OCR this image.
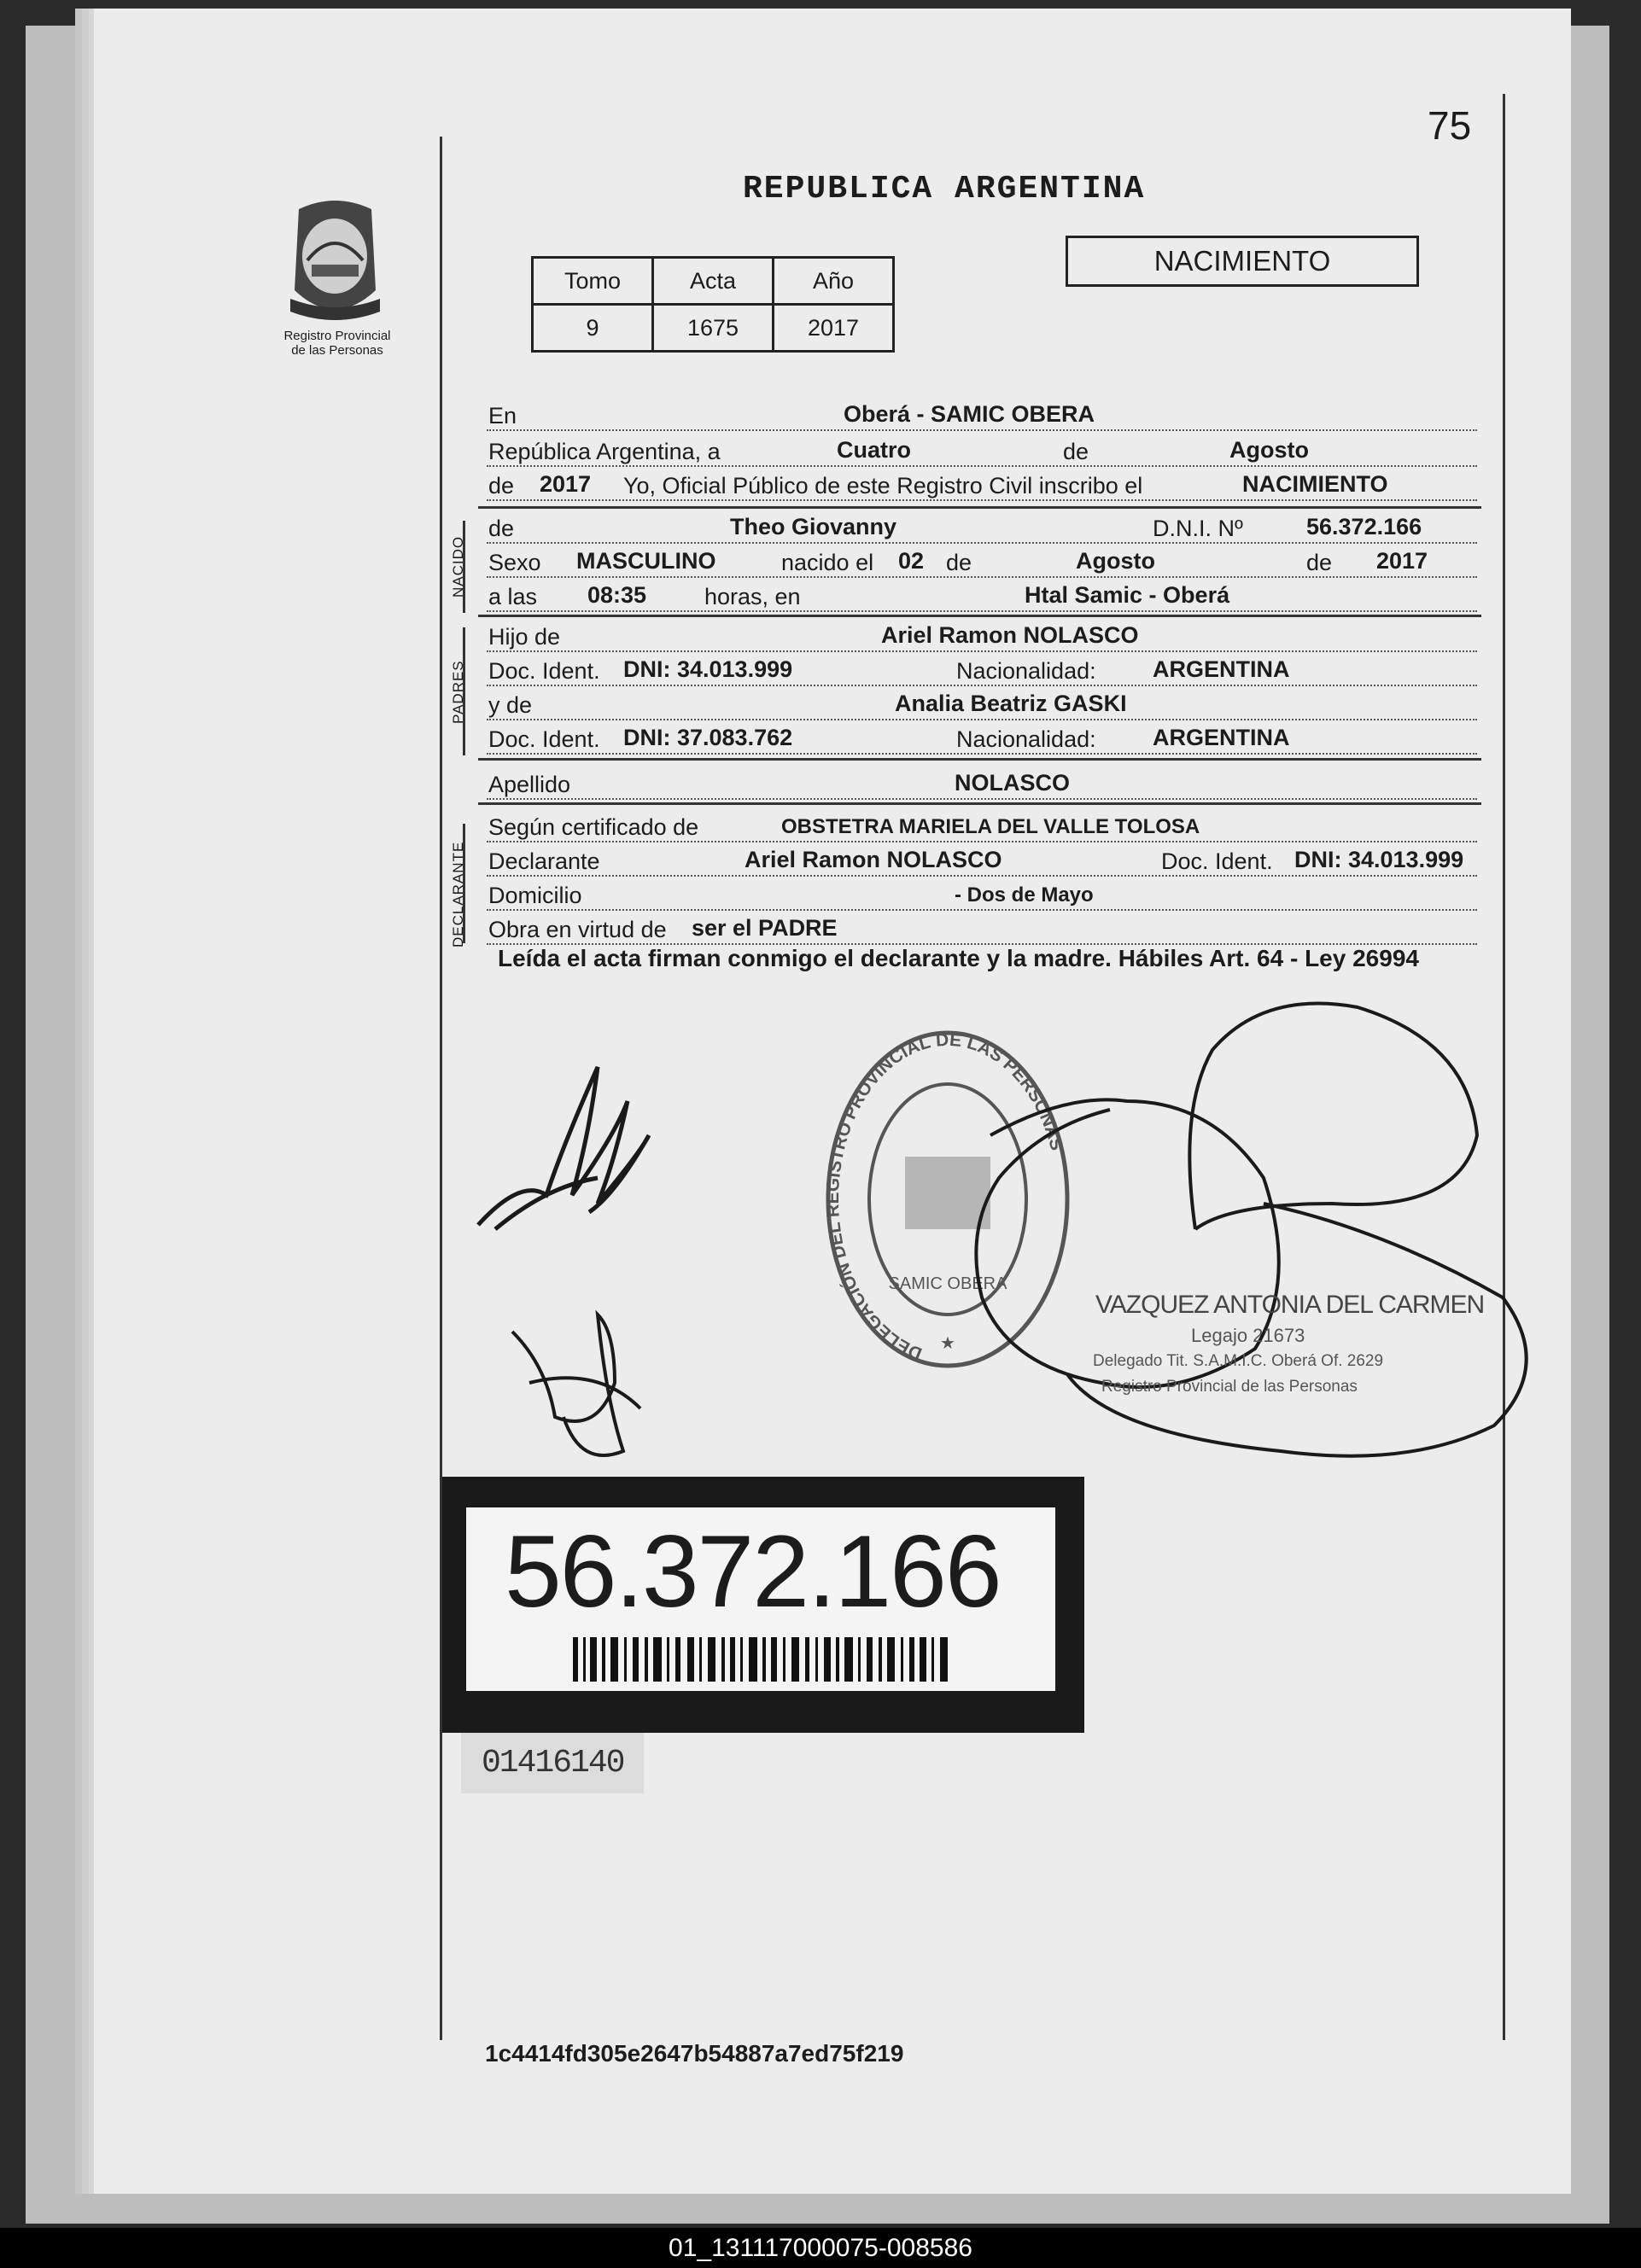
75
REPUBLICA ARGENTINA
Registro Provincial
de las Personas
Tomo	Acta	Año
9	1675	2017
NACIMIENTO
En	Oberá - SAMIC OBERA
República Argentina, a	Cuatro	de	Agosto
de 2017 Yo, Oficial Público de este Registro Civil inscribo el	NACIMIENTO
de	Theo Giovanny	D.N.I. Nº	56.372.166
Sexo MASCULINO	nacido el 02 de	Agosto	de 2017
a las 08:35	horas, en	Htal Samic - Oberá
Hijo de	Ariel Ramon NOLASCO
Doc. Ident. DNI: 34.013.999	Nacionalidad: ARGENTINA
y de	Analia Beatriz GASKI
Doc. Ident. DNI: 37.083.762	Nacionalidad: ARGENTINA
Apellido	NOLASCO
Según certificado de	OBSTETRA MARIELA DEL VALLE TOLOSA
Declarante	Ariel Ramon NOLASCO	Doc. Ident. DNI: 34.013.999
Domicilio	- Dos de Mayo
Obra en virtud de ser el PADRE
NACIDO
PADRES
DECLARANTE
Leída el acta firman conmigo el declarante y la madre. Hábiles Art. 64 - Ley 26994
DELEGACIÓN DEL REGISTRO PROVINCIAL DE LAS PERSONAS
SAMIC OBERA
★
VAZQUEZ ANTONIA DEL CARMEN
Legajo 21673
Delegado Tit. S.A.M.I.C. Oberá Of. 2629
Registro Provincial de las Personas
56.372.166
01416140
1c4414fd305e2647b54887a7ed75f219
01_131117000075-008586
